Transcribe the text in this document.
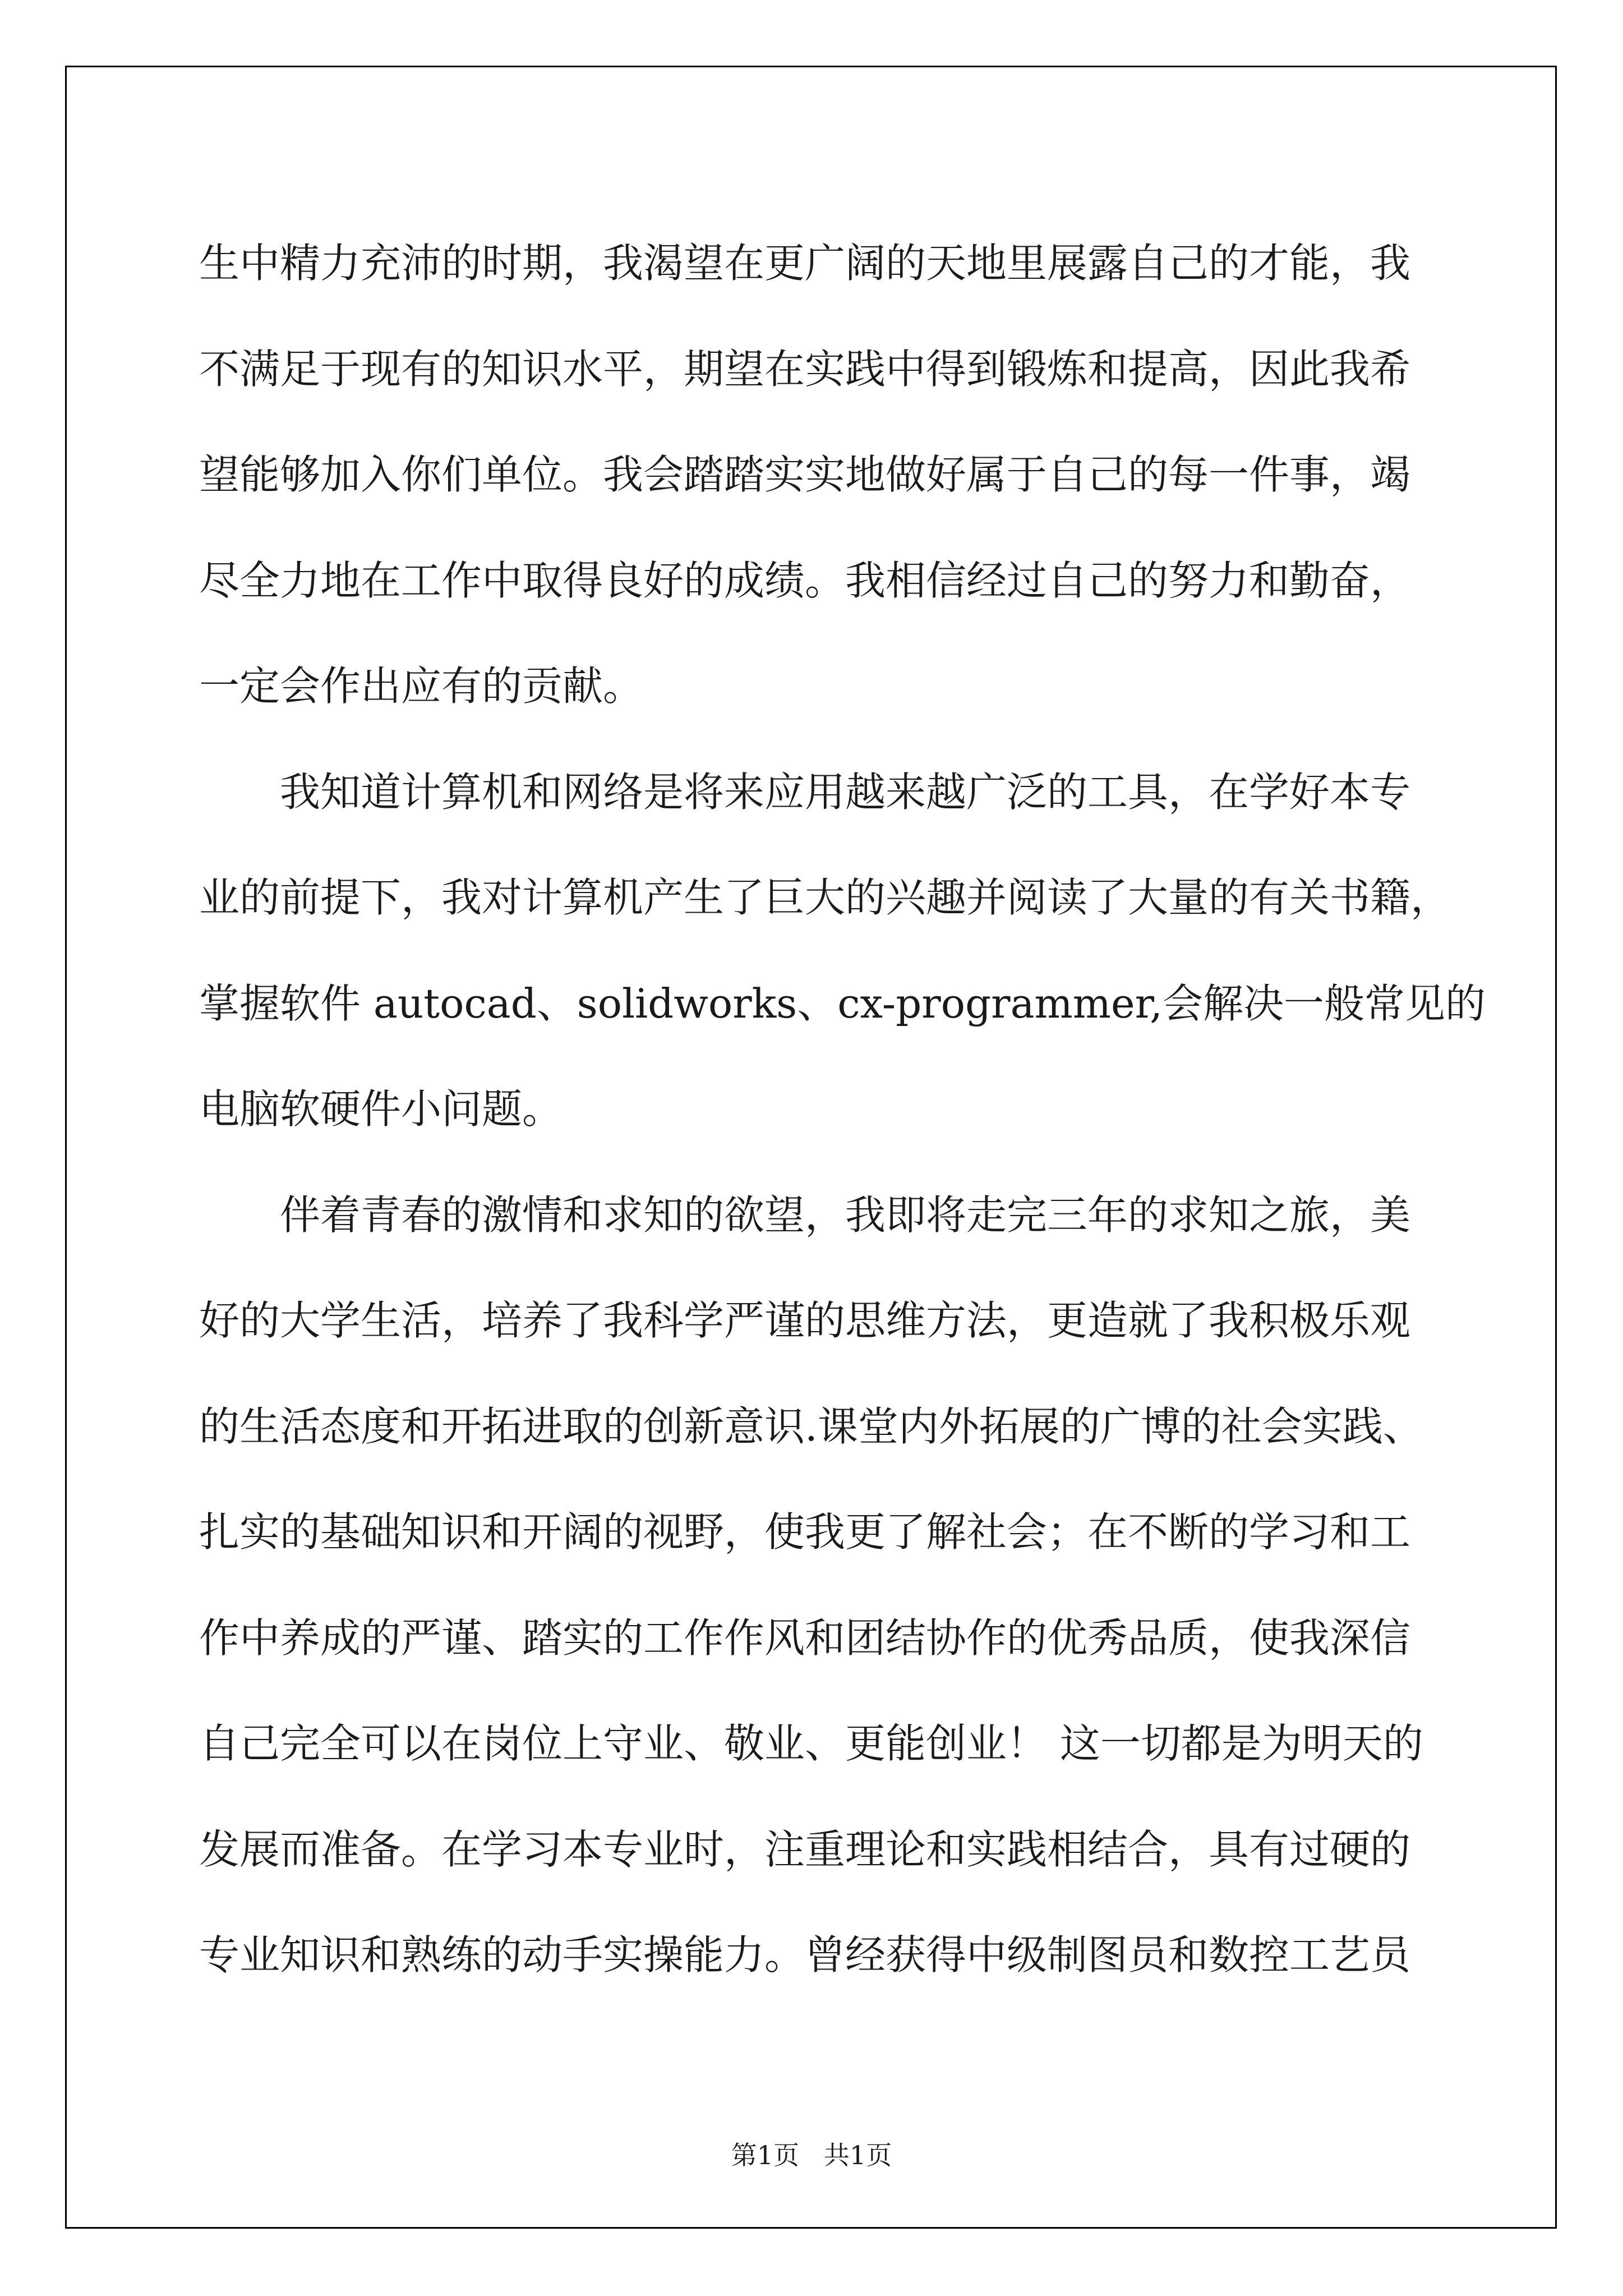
生中精力充沛的时期，我渴望在更广阔的天地里展露自己的才能，我
不满足于现有的知识水平，期望在实践中得到锻炼和提高，因此我希
望能够加入你们单位。我会踏踏实实地做好属于自己的每一件事，竭
尽全力地在工作中取得良好的成绩。我相信经过自己的努力和勤奋，
一定会作出应有的贡献。
我知道计算机和网络是将来应用越来越广泛的工具，在学好本专
业的前提下，我对计算机产生了巨大的兴趣并阅读了大量的有关书籍，
掌握软件 autocad、solidworks、cx-programmer,会解决一般常见的
电脑软硬件小问题。
伴着青春的激情和求知的欲望，我即将走完三年的求知之旅，美
好的大学生活，培养了我科学严谨的思维方法，更造就了我积极乐观
的生活态度和开拓进取的创新意识.课堂内外拓展的广博的社会实践、
扎实的基础知识和开阔的视野，使我更了解社会；在不断的学习和工
作中养成的严谨、踏实的工作作风和团结协作的优秀品质，使我深信
自己完全可以在岗位上守业、敬业、更能创业！ 这一切都是为明天的
发展而准备。在学习本专业时，注重理论和实践相结合，具有过硬的
专业知识和熟练的动手实操能力。曾经获得中级制图员和数控工艺员
第1页   共1页
